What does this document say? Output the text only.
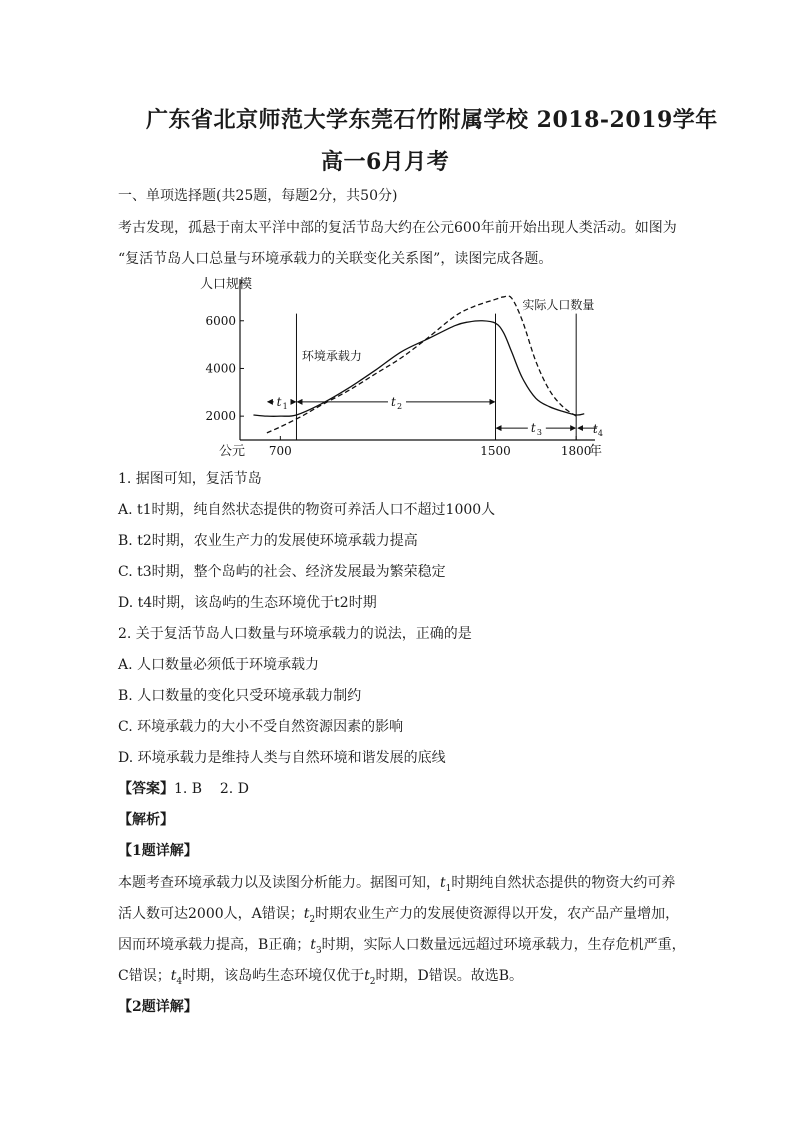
广东省北京师范大学东莞石竹附属学校 2018-2019学年
高一6月月考
一、单项选择题(共25题，每题2分，共50分)
考古发现，孤悬于南太平洋中部的复活节岛大约在公元600年前开始出现人类活动。如图为
“复活节岛人口总量与环境承载力的关联变化关系图”，读图完成各题。
环境承载力
实际人口数量
t 1	t 2
t 3	t 4
2000
4000
6000
700	1500	1800
人口规模
公元	年
1. 据图可知，复活节岛
A. t1时期，纯自然状态提供的物资可养活人口不超过1000人
B. t2时期，农业生产力的发展使环境承载力提高
C. t3时期，整个岛屿的社会、经济发展最为繁荣稳定
D. t4时期，该岛屿的生态环境优于t2时期
2. 关于复活节岛人口数量与环境承载力的说法，正确的是
A. 人口数量必须低于环境承载力
B. 人口数量的变化只受环境承载力制约
C. 环境承载力的大小不受自然资源因素的影响
D. 环境承载力是维持人类与自然环境和谐发展的底线
【答案】1. B    2. D
【解析】
【1题详解】
本题考查环境承载力以及读图分析能力。据图可知，$t_1$时期纯自然状态提供的物资大约可养
活人数可达2000人，A错误；$t_2$时期农业生产力的发展使资源得以开发，农产品产量增加，
因而环境承载力提高，B正确；$t_3$时期，实际人口数量远远超过环境承载力，生存危机严重，
C错误；$t_4$时期，该岛屿生态环境仅优于$t_2$时期，D错误。故选B。
【2题详解】
